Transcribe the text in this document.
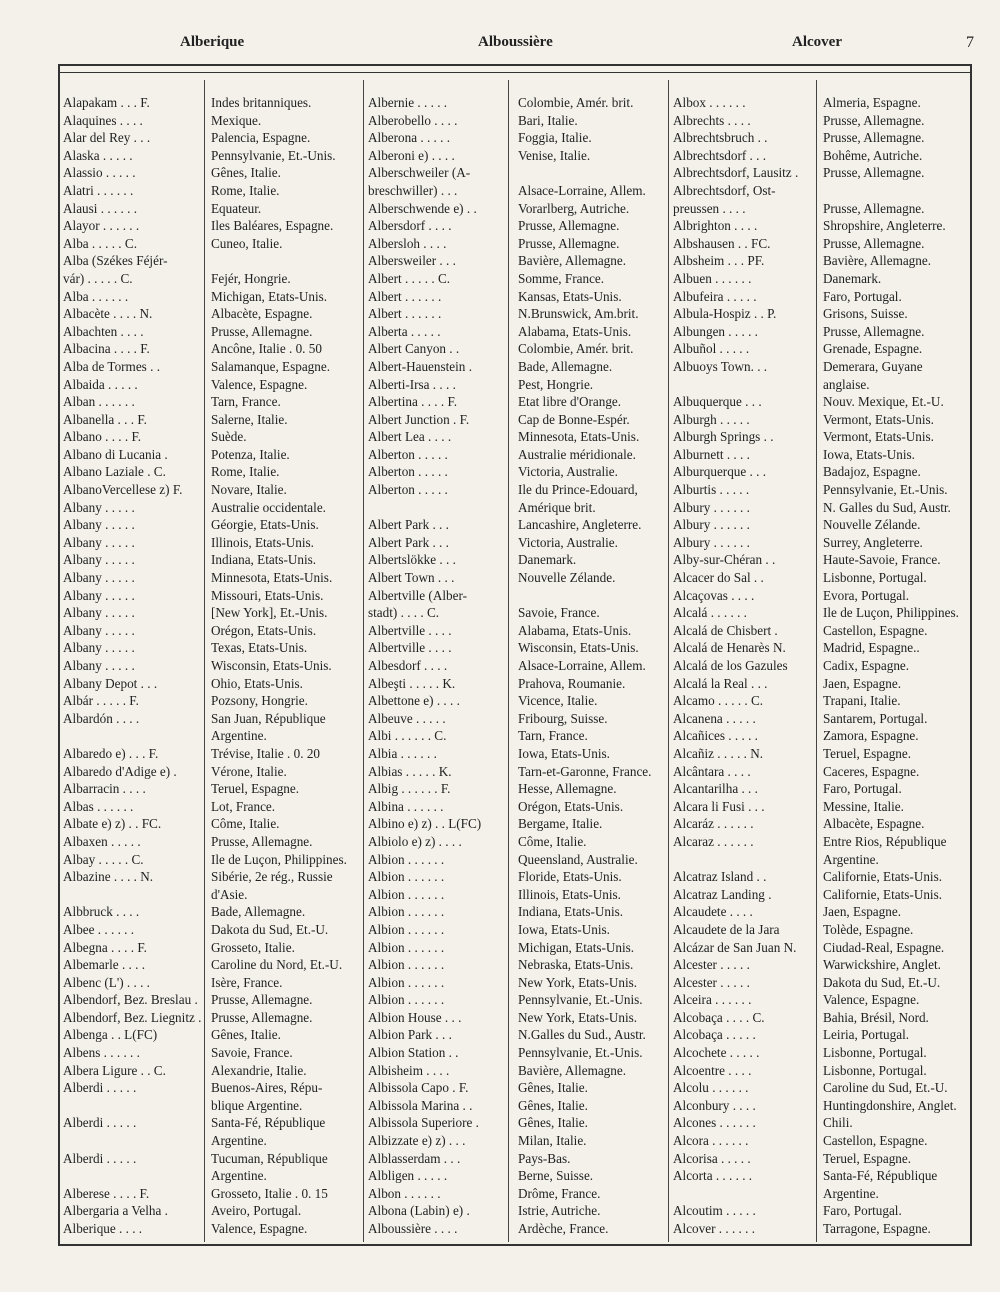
Alberique	Alboussière	Alcover	7
Alapakam . . . F.	Indes britanniques.
Alaquines . . . .	Mexique.
Alar del Rey . . .	Palencia, Espagne.
Alaska . . . . .	Pennsylvanie, Et.-Unis.
Alassio . . . . .	Gênes, Italie.
Alatri . . . . . .	Rome, Italie.
Alausi . . . . . .	Equateur.
Alayor . . . . . .	Iles Baléares, Espagne.
Alba . . . . . C.	Cuneo, Italie.
Alba (Székes Féjér-
vár) . . . . . C.	Fejér, Hongrie.
Alba . . . . . .	Michigan, Etats-Unis.
Albacète . . . . N.	Albacète, Espagne.
Albachten . . . .	Prusse, Allemagne.
Albacina . . . . F.	Ancône, Italie . 0. 50
Alba de Tormes . .	Salamanque, Espagne.
Albaida . . . . .	Valence, Espagne.
Alban . . . . . .	Tarn, France.
Albanella . . . F.	Salerne, Italie.
Albano . . . . F.	Suède.
Albano di Lucania .	Potenza, Italie.
Albano Laziale . C.	Rome, Italie.
AlbanoVercellese z) F.	Novare, Italie.
Albany . . . . .	Australie occidentale.
Albany . . . . .	Géorgie, Etats-Unis.
Albany . . . . .	Illinois, Etats-Unis.
Albany . . . . .	Indiana, Etats-Unis.
Albany . . . . .	Minnesota, Etats-Unis.
Albany . . . . .	Missouri, Etats-Unis.
Albany . . . . .	[New York], Et.-Unis.
Albany . . . . .	Orégon, Etats-Unis.
Albany . . . . .	Texas, Etats-Unis.
Albany . . . . .	Wisconsin, Etats-Unis.
Albany Depot . . .	Ohio, Etats-Unis.
Albár . . . . . F.	Pozsony, Hongrie.
Albardón . . . .	San Juan, République
Argentine.
Albaredo e) . . . F.	Trévise, Italie . 0. 20
Albaredo d'Adige e) .	Vérone, Italie.
Albarracin . . . .	Teruel, Espagne.
Albas . . . . . .	Lot, France.
Albate e) z) . . FC.	Côme, Italie.
Albaxen . . . . .	Prusse, Allemagne.
Albay . . . . . C.	Ile de Luçon, Philippines.
Albazine . . . . N.	Sibérie, 2e rég., Russie
d'Asie.
Albbruck . . . .	Bade, Allemagne.
Albee . . . . . .	Dakota du Sud, Et.-U.
Albegna . . . . F.	Grosseto, Italie.
Albemarle . . . .	Caroline du Nord, Et.-U.
Albenc (L') . . . .	Isère, France.
Albendorf, Bez. Breslau .	Prusse, Allemagne.
Albendorf, Bez. Liegnitz . Prusse, Allemagne.
Albenga . . L(FC)	Gênes, Italie.
Albens . . . . . .	Savoie, France.
Albera Ligure . . C.	Alexandrie, Italie.
Alberdi . . . . .	Buenos-Aires, Répu-
blique Argentine.
Alberdi . . . . .	Santa-Fé, République
Argentine.
Alberdi . . . . .	Tucuman, République
Argentine.
Alberese . . . . F.	Grosseto, Italie . 0. 15
Albergaria a Velha .	Aveiro, Portugal.
Alberique . . . .	Valence, Espagne.
Albernie . . . . .	Colombie, Amér. brit.
Alberobello . . . .	Bari, Italie.
Alberona . . . . .	Foggia, Italie.
Alberoni e) . . . .	Venise, Italie.
Alberschweiler (A-
breschwiller) . . .	Alsace-Lorraine, Allem.
Alberschwende e) . .	Vorarlberg, Autriche.
Albersdorf . . . .	Prusse, Allemagne.
Albersloh . . . .	Prusse, Allemagne.
Albersweiler . . .	Bavière, Allemagne.
Albert . . . . . C.	Somme, France.
Albert . . . . . .	Kansas, Etats-Unis.
Albert . . . . . .	N.Brunswick, Am.brit.
Alberta . . . . .	Alabama, Etats-Unis.
Albert Canyon . .	Colombie, Amér. brit.
Albert-Hauenstein .	Bade, Allemagne.
Alberti-Irsa . . . .	Pest, Hongrie.
Albertina . . . . F.	Etat libre d'Orange.
Albert Junction . F.	Cap de Bonne-Espér.
Albert Lea . . . .	Minnesota, Etats-Unis.
Alberton . . . . .	Australie méridionale.
Alberton . . . . .	Victoria, Australie.
Alberton . . . . .	Ile du Prince-Edouard,
Amérique brit.
Albert Park . . .	Lancashire, Angleterre.
Albert Park . . .	Victoria, Australie.
Albertslökke . . .	Danemark.
Albert Town . . .	Nouvelle Zélande.
Albertville (Alber-
stadt) . . . . C.	Savoie, France.
Albertville . . . .	Alabama, Etats-Unis.
Albertville . . . .	Wisconsin, Etats-Unis.
Albesdorf . . . .	Alsace-Lorraine, Allem.
Albeşti . . . . . K.	Prahova, Roumanie.
Albettone e) . . . .	Vicence, Italie.
Albeuve . . . . .	Fribourg, Suisse.
Albi . . . . . . C.	Tarn, France.
Albia . . . . . .	Iowa, Etats-Unis.
Albias . . . . . K.	Tarn-et-Garonne, France.
Albig . . . . . . F.	Hesse, Allemagne.
Albina . . . . . .	Orégon, Etats-Unis.
Albino e) z) . . L(FC)	Bergame, Italie.
Albiolo e) z) . . . .	Côme, Italie.
Albion . . . . . .	Queensland, Australie.
Albion . . . . . .	Floride, Etats-Unis.
Albion . . . . . .	Illinois, Etats-Unis.
Albion . . . . . .	Indiana, Etats-Unis.
Albion . . . . . .	Iowa, Etats-Unis.
Albion . . . . . .	Michigan, Etats-Unis.
Albion . . . . . .	Nebraska, Etats-Unis.
Albion . . . . . .	New York, Etats-Unis.
Albion . . . . . .	Pennsylvanie, Et.-Unis.
Albion House . . .	New York, Etats-Unis.
Albion Park . . .	N.Galles du Sud., Austr.
Albion Station . .	Pennsylvanie, Et.-Unis.
Albisheim . . . .	Bavière, Allemagne.
Albissola Capo . F.	Gênes, Italie.
Albissola Marina . .	Gênes, Italie.
Albissola Superiore .	Gênes, Italie.
Albizzate e) z) . . .	Milan, Italie.
Alblasserdam . . .	Pays-Bas.
Albligen . . . . .	Berne, Suisse.
Albon . . . . . .	Drôme, France.
Albona (Labin) e) .	Istrie, Autriche.
Alboussière . . . .	Ardèche, France.
Albox . . . . . .	Almeria, Espagne.
Albrechts . . . .	Prusse, Allemagne.
Albrechtsbruch . .	Prusse, Allemagne.
Albrechtsdorf . . .	Bohême, Autriche.
Albrechtsdorf, Lausitz .	Prusse, Allemagne.
Albrechtsdorf, Ost-
preussen . . . .	Prusse, Allemagne.
Albrighton . . . .	Shropshire, Angleterre.
Albshausen . . FC.	Prusse, Allemagne.
Albsheim . . . PF.	Bavière, Allemagne.
Albuen . . . . . .	Danemark.
Albufeira . . . . .	Faro, Portugal.
Albula-Hospiz . . P.	Grisons, Suisse.
Albungen . . . . .	Prusse, Allemagne.
Albuñol . . . . .	Grenade, Espagne.
Albuoys Town. . .	Demerara, Guyane
anglaise.
Albuquerque . . .	Nouv. Mexique, Et.-U.
Alburgh . . . . .	Vermont, Etats-Unis.
Alburgh Springs . .	Vermont, Etats-Unis.
Alburnett . . . .	Iowa, Etats-Unis.
Alburquerque . . .	Badajoz, Espagne.
Alburtis . . . . .	Pennsylvanie, Et.-Unis.
Albury . . . . . .	N. Galles du Sud, Austr.
Albury . . . . . .	Nouvelle Zélande.
Albury . . . . . .	Surrey, Angleterre.
Alby-sur-Chéran . .	Haute-Savoie, France.
Alcacer do Sal . .	Lisbonne, Portugal.
Alcaçovas . . . .	Evora, Portugal.
Alcalá . . . . . .	Ile de Luçon, Philippines.
Alcalá de Chisbert .	Castellon, Espagne.
Alcalá de Henarès N.	Madrid, Espagne..
Alcalá de los Gazules	Cadix, Espagne.
Alcalá la Real . . .	Jaen, Espagne.
Alcamo . . . . . C.	Trapani, Italie.
Alcanena . . . . .	Santarem, Portugal.
Alcañices . . . . .	Zamora, Espagne.
Alcañiz . . . . . N.	Teruel, Espagne.
Alcântara . . . .	Caceres, Espagne.
Alcantarilha . . .	Faro, Portugal.
Alcara li Fusi . . .	Messine, Italie.
Alcaráz . . . . . .	Albacète, Espagne.
Alcaraz . . . . . .	Entre Rios, République
Argentine.
Alcatraz Island . .	Californie, Etats-Unis.
Alcatraz Landing .	Californie, Etats-Unis.
Alcaudete . . . .	Jaen, Espagne.
Alcaudete de la Jara	Tolède, Espagne.
Alcázar de San Juan N.	Ciudad-Real, Espagne.
Alcester . . . . .	Warwickshire, Anglet.
Alcester . . . . .	Dakota du Sud, Et.-U.
Alceira . . . . . .	Valence, Espagne.
Alcobaça . . . . C.	Bahia, Brésil, Nord.
Alcobaça . . . . .	Leiria, Portugal.
Alcochete . . . . .	Lisbonne, Portugal.
Alcoentre . . . .	Lisbonne, Portugal.
Alcolu . . . . . .	Caroline du Sud, Et.-U.
Alconbury . . . .	Huntingdonshire, Anglet.
Alcones . . . . . .	Chili.
Alcora . . . . . .	Castellon, Espagne.
Alcorisa . . . . .	Teruel, Espagne.
Alcorta . . . . . .	Santa-Fé, République
Argentine.
Alcoutim . . . . .	Faro, Portugal.
Alcover . . . . . .	Tarragone, Espagne.
